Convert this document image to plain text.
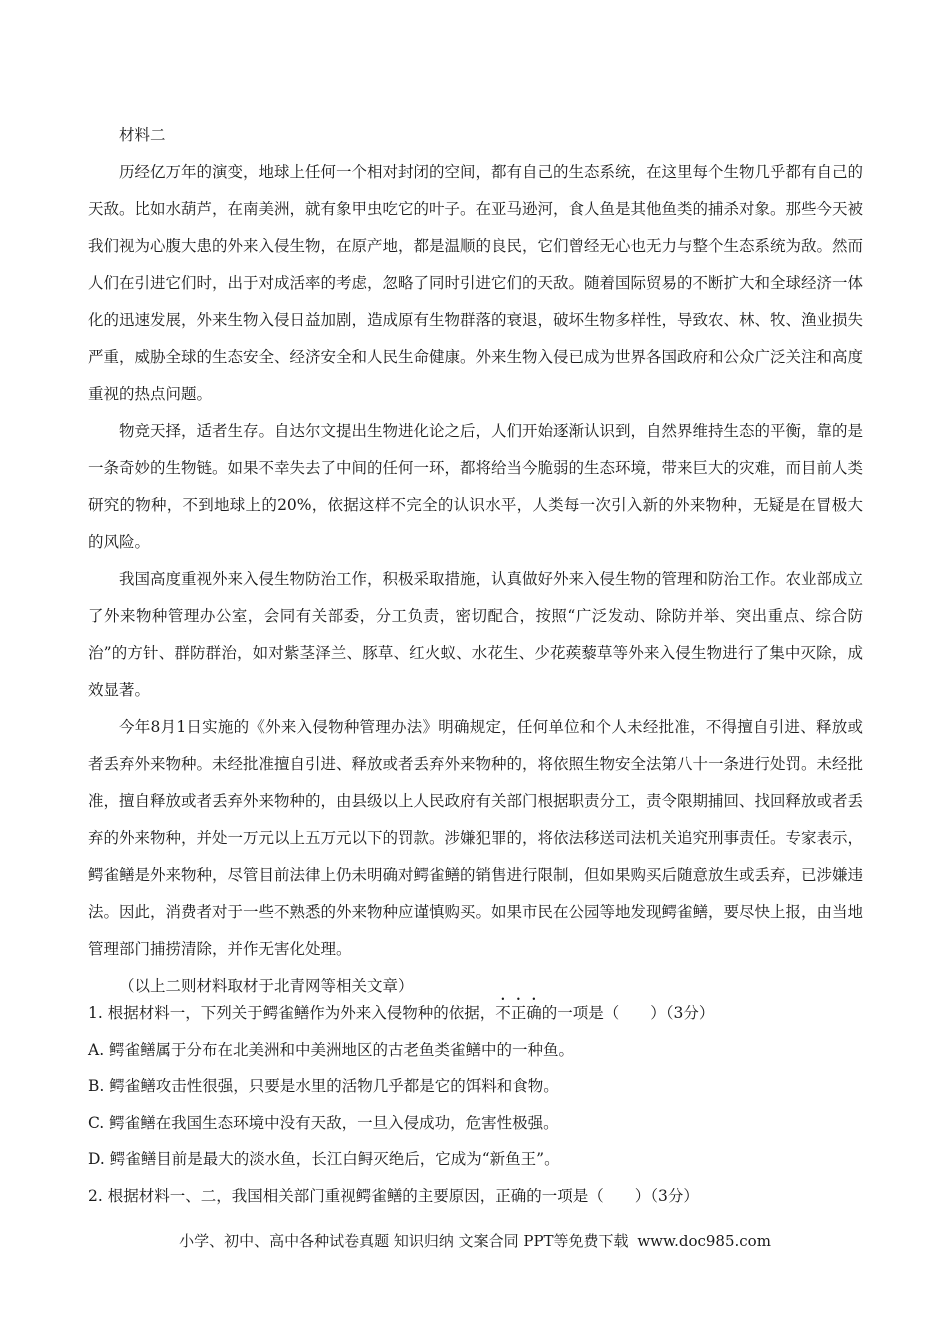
材料二

历经亿万年的演变，地球上任何一个相对封闭的空间，都有自己的生态系统，在这里每个生物几乎都有自己的天敌。比如水葫芦，在南美洲，就有象甲虫吃它的叶子。在亚马逊河，食人鱼是其他鱼类的捕杀对象。那些今天被我们视为心腹大患的外来入侵生物，在原产地，都是温顺的良民，它们曾经无心也无力与整个生态系统为敌。然而人们在引进它们时，出于对成活率的考虑，忽略了同时引进它们的天敌。随着国际贸易的不断扩大和全球经济一体化的迅速发展，外来生物入侵日益加剧，造成原有生物群落的衰退，破坏生物多样性，导致农、林、牧、渔业损失严重，威胁全球的生态安全、经济安全和人民生命健康。外来生物入侵已成为世界各国政府和公众广泛关注和高度重视的热点问题。

物竞天择，适者生存。自达尔文提出生物进化论之后，人们开始逐渐认识到，自然界维持生态的平衡，靠的是一条奇妙的生物链。如果不幸失去了中间的任何一环，都将给当今脆弱的生态环境，带来巨大的灾难，而目前人类研究的物种，不到地球上的20%，依据这样不完全的认识水平，人类每一次引入新的外来物种，无疑是在冒极大的风险。

我国高度重视外来入侵生物防治工作，积极采取措施，认真做好外来入侵生物的管理和防治工作。农业部成立了外来物种管理办公室，会同有关部委，分工负责，密切配合，按照“广泛发动、除防并举、突出重点、综合防治”的方针、群防群治，如对紫茎泽兰、豚草、红火蚁、水花生、少花蒺藜草等外来入侵生物进行了集中灭除，成效显著。

今年8月1日实施的《外来入侵物种管理办法》明确规定，任何单位和个人未经批准，不得擅自引进、释放或者丢弃外来物种。未经批准擅自引进、释放或者丢弃外来物种的，将依照生物安全法第八十一条进行处罚。未经批准，擅自释放或者丢弃外来物种的，由县级以上人民政府有关部门根据职责分工，责令限期捕回、找回释放或者丢弃的外来物种，并处一万元以上五万元以下的罚款。涉嫌犯罪的，将依法移送司法机关追究刑事责任。专家表示，鳄雀鳝是外来物种，尽管目前法律上仍未明确对鳄雀鳝的销售进行限制，但如果购买后随意放生或丢弃，已涉嫌违法。因此，消费者对于一些不熟悉的外来物种应谨慎购买。如果市民在公园等地发现鳄雀鳝，要尽快上报，由当地管理部门捕捞清除，并作无害化处理。

（以上二则材料取材于北青网等相关文章）

1. 根据材料一，下列关于鳄雀鳝作为外来入侵物种的依据，不正确的一项是（　　）（3分）
A. 鳄雀鳝属于分布在北美洲和中美洲地区的古老鱼类雀鳝中的一种鱼。
B. 鳄雀鳝攻击性很强，只要是水里的活物几乎都是它的饵料和食物。
C. 鳄雀鳝在我国生态环境中没有天敌，一旦入侵成功，危害性极强。
D. 鳄雀鳝目前是最大的淡水鱼，长江白鲟灭绝后，它成为“新鱼王”。
2. 根据材料一、二，我国相关部门重视鳄雀鳝的主要原因，正确的一项是（　　）（3分）
小学、初中、高中各种试卷真题 知识归纳 文案合同 PPT等免费下载 www.doc985.com
